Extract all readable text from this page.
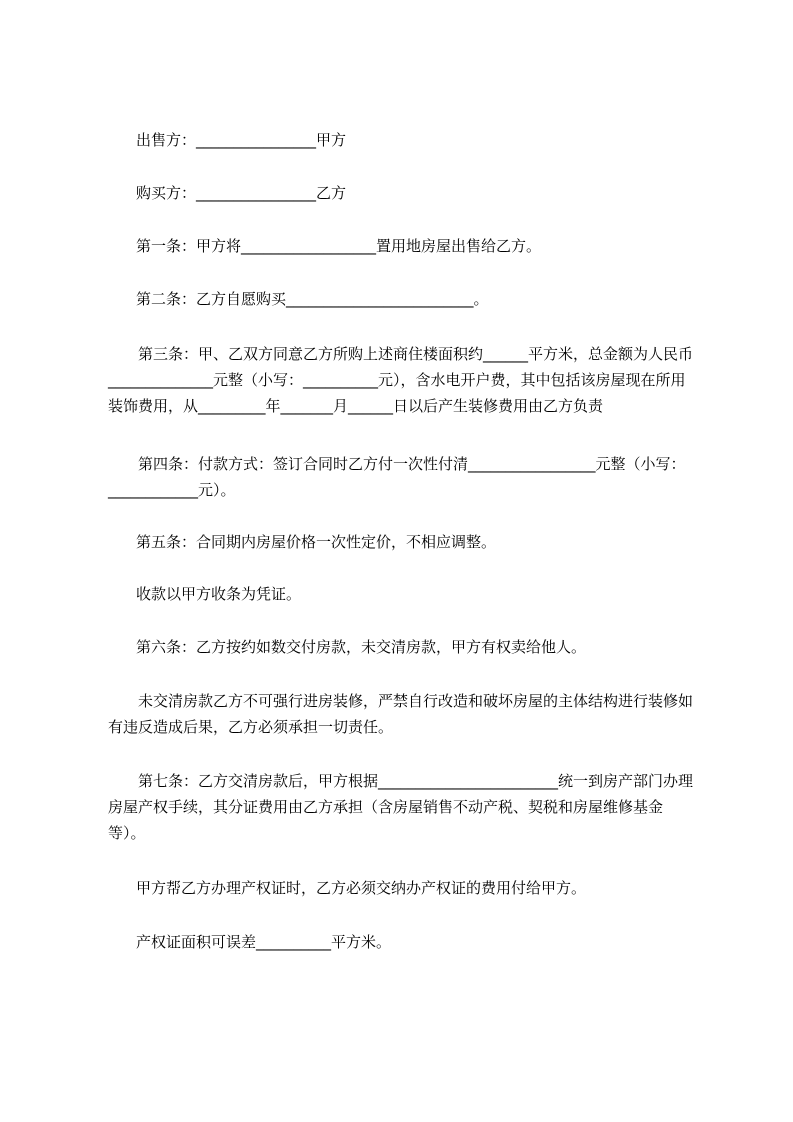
出售方：________________甲方

购买方：________________乙方

第一条：甲方将__________________置用地房屋出售给乙方。

第二条：乙方自愿购买_________________________。

第三条：甲、乙双方同意乙方所购上述商住楼面积约______平方米，总金额为人民币______________元整（小写：__________元），含水电开户费，其中包括该房屋现在所用装饰费用，从_________年_______月______日以后产生装修费用由乙方负责

第四条：付款方式：签订合同时乙方付一次性付清_________________元整（小写：____________元）。

第五条：合同期内房屋价格一次性定价，不相应调整。

收款以甲方收条为凭证。

第六条：乙方按约如数交付房款，未交清房款，甲方有权卖给他人。

未交清房款乙方不可强行进房装修，严禁自行改造和破坏房屋的主体结构进行装修如有违反造成后果，乙方必须承担一切责任。

第七条：乙方交清房款后，甲方根据________________________统一到房产部门办理房屋产权手续，其分证费用由乙方承担（含房屋销售不动产税、契税和房屋维修基金等）。

甲方帮乙方办理产权证时，乙方必须交纳办产权证的费用付给甲方。

产权证面积可误差__________平方米。
